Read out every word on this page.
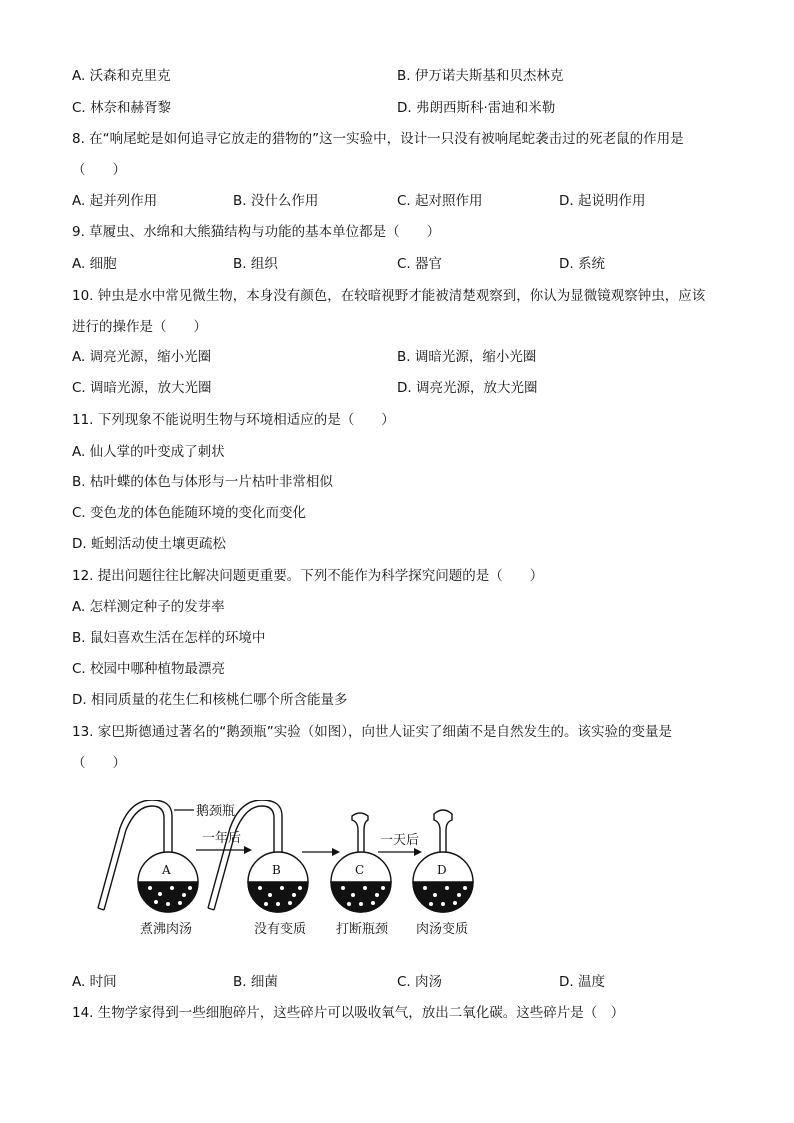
A. 沃森和克里克	B. 伊万诺夫斯基和贝杰林克
C. 林奈和赫胥黎	D. 弗朗西斯科·雷迪和米勒
8. 在“响尾蛇是如何追寻它放走的猎物的”这一实验中，设计一只没有被响尾蛇袭击过的死老鼠的作用是
（　　）
A. 起并列作用	B. 没什么作用	C. 起对照作用	D. 起说明作用
9. 草履虫、水绵和大熊猫结构与功能的基本单位都是（　　）
A. 细胞	B. 组织	C. 器官	D. 系统
10. 钟虫是水中常见微生物，本身没有颜色，在较暗视野才能被清楚观察到，你认为显微镜观察钟虫，应该
进行的操作是（　　）
A. 调亮光源，缩小光圈	B. 调暗光源，缩小光圈
C. 调暗光源，放大光圈	D. 调亮光源，放大光圈
11. 下列现象不能说明生物与环境相适应的是（　　）
A. 仙人掌的叶变成了刺状
B. 枯叶蝶的体色与体形与一片枯叶非常相似
C. 变色龙的体色能随环境的变化而变化
D. 蚯蚓活动使土壤更疏松
12. 提出问题往往比解决问题更重要。下列不能作为科学探究问题的是（　　）
A. 怎样测定种子的发芽率
B. 鼠妇喜欢生活在怎样的环境中
C. 校园中哪种植物最漂亮
D. 相同质量的花生仁和核桃仁哪个所含能量多
13. 家巴斯德通过著名的“鹅颈瓶”实验（如图），向世人证实了细菌不是自然发生的。该实验的变量是
（　　）
A
鹅颈瓶
一年后
B	C
一天后
D
煮沸肉汤	没有变质 打断瓶颈 肉汤变质
A. 时间	B. 细菌	C. 肉汤	D. 温度
14. 生物学家得到一些细胞碎片，这些碎片可以吸收氧气，放出二氧化碳。这些碎片是（　）
